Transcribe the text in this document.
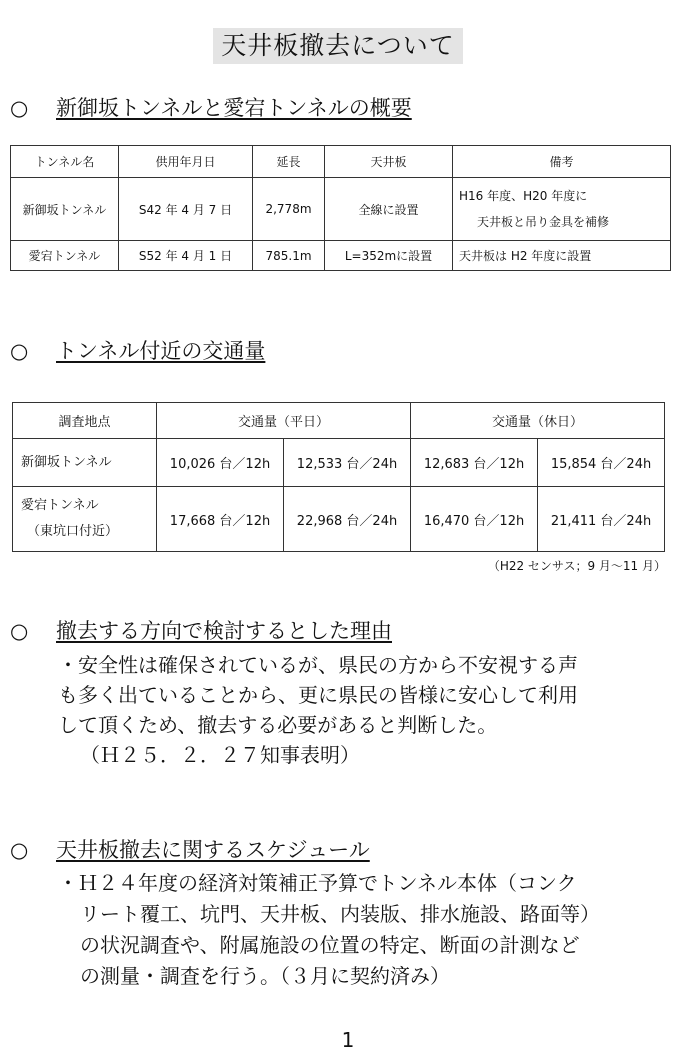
天井板撤去について
○ 新御坂トンネルと愛宕トンネルの概要
トンネル名	供用年月日	延長	天井板	備考
新御坂トンネル	S42 年 4 月 7 日	2,778m	全線に設置	H16 年度、H20 年度に
天井板と吊り金具を補修

愛宕トンネル	S52 年 4 月 1 日	785.1m	L=352mに設置	天井板は H2 年度に設置
○ トンネル付近の交通量
調査地点	交通量（平日）		交通量（休日）	
新御坂トンネル	10,026 台／12h	12,533 台／24h	12,683 台／12h	15,854 台／24h
愛宕トンネル
（東坑口付近）	17,668 台／12h	22,968 台／24h	16,470 台／12h	21,411 台／24h
（H22 センサス；9 月～11 月）
○ 撤去する方向で検討するとした理由
・安全性は確保されているが、県民の方から不安視する声
も多く出ていることから、更に県民の皆様に安心して利用
して頂くため、撤去する必要があると判断した。
（Ｈ２５．２．２７知事表明）
○ 天井板撤去に関するスケジュール
・Ｈ２４年度の経済対策補正予算でトンネル本体（コンク
リート覆工、坑門、天井板、内装版、排水施設、路面等）
の状況調査や、附属施設の位置の特定、断面の計測など
の測量・調査を行う。（３月に契約済み）
1
